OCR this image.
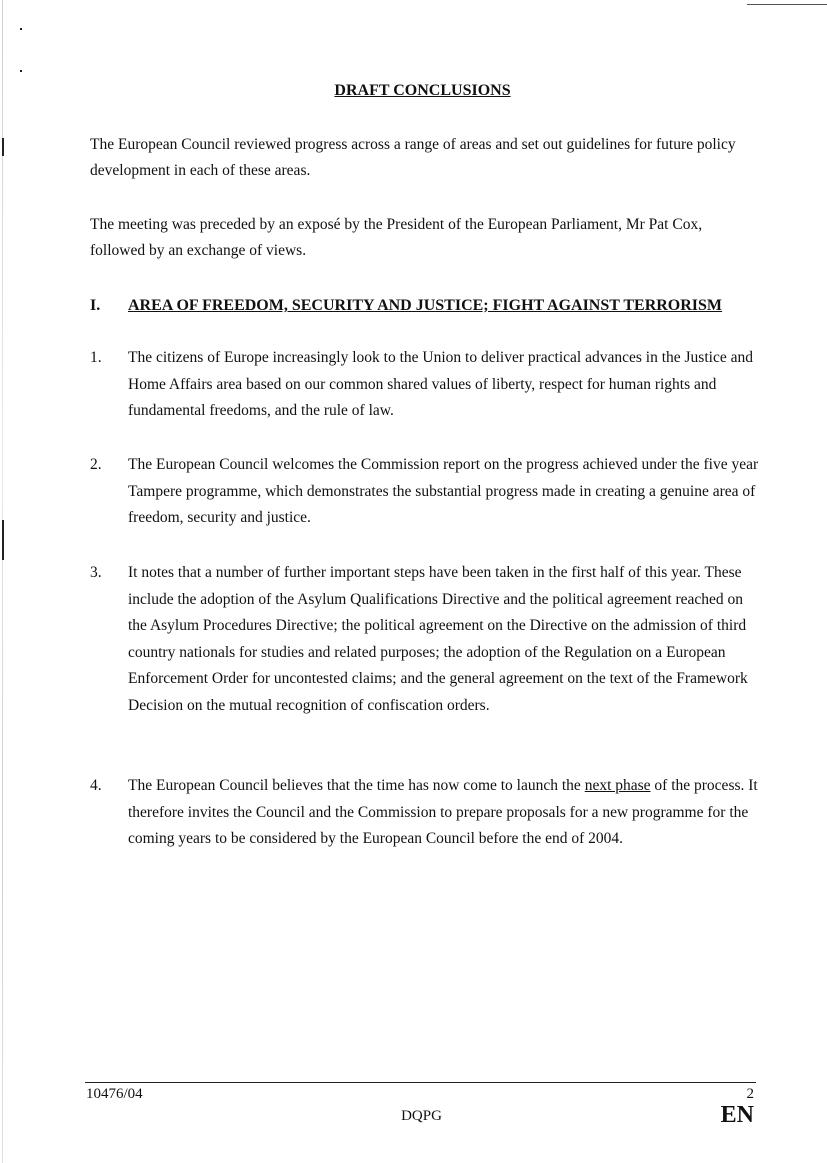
DRAFT CONCLUSIONS

The European Council reviewed progress across a range of areas and set out guidelines for future policy development in each of these areas.

The meeting was preceded by an exposé by the President of the European Parliament, Mr Pat Cox, followed by an exchange of views.

I. AREA OF FREEDOM, SECURITY AND JUSTICE; FIGHT AGAINST TERRORISM
1. The citizens of Europe increasingly look to the Union to deliver practical advances in the Justice and Home Affairs area based on our common shared values of liberty, respect for human rights and fundamental freedoms, and the rule of law.
2. The European Council welcomes the Commission report on the progress achieved under the five year Tampere programme, which demonstrates the substantial progress made in creating a genuine area of freedom, security and justice.
3. It notes that a number of further important steps have been taken in the first half of this year. These include the adoption of the Asylum Qualifications Directive and the political agreement reached on the Asylum Procedures Directive; the political agreement on the Directive on the admission of third country nationals for studies and related purposes; the adoption of the Regulation on a European Enforcement Order for uncontested claims; and the general agreement on the text of the Framework Decision on the mutual recognition of confiscation orders.
4. The European Council believes that the time has now come to launch the next phase of the process. It therefore invites the Council and the Commission to prepare proposals for a new programme for the coming years to be considered by the European Council before the end of 2004.
10476/04
DQPG
2
EN
